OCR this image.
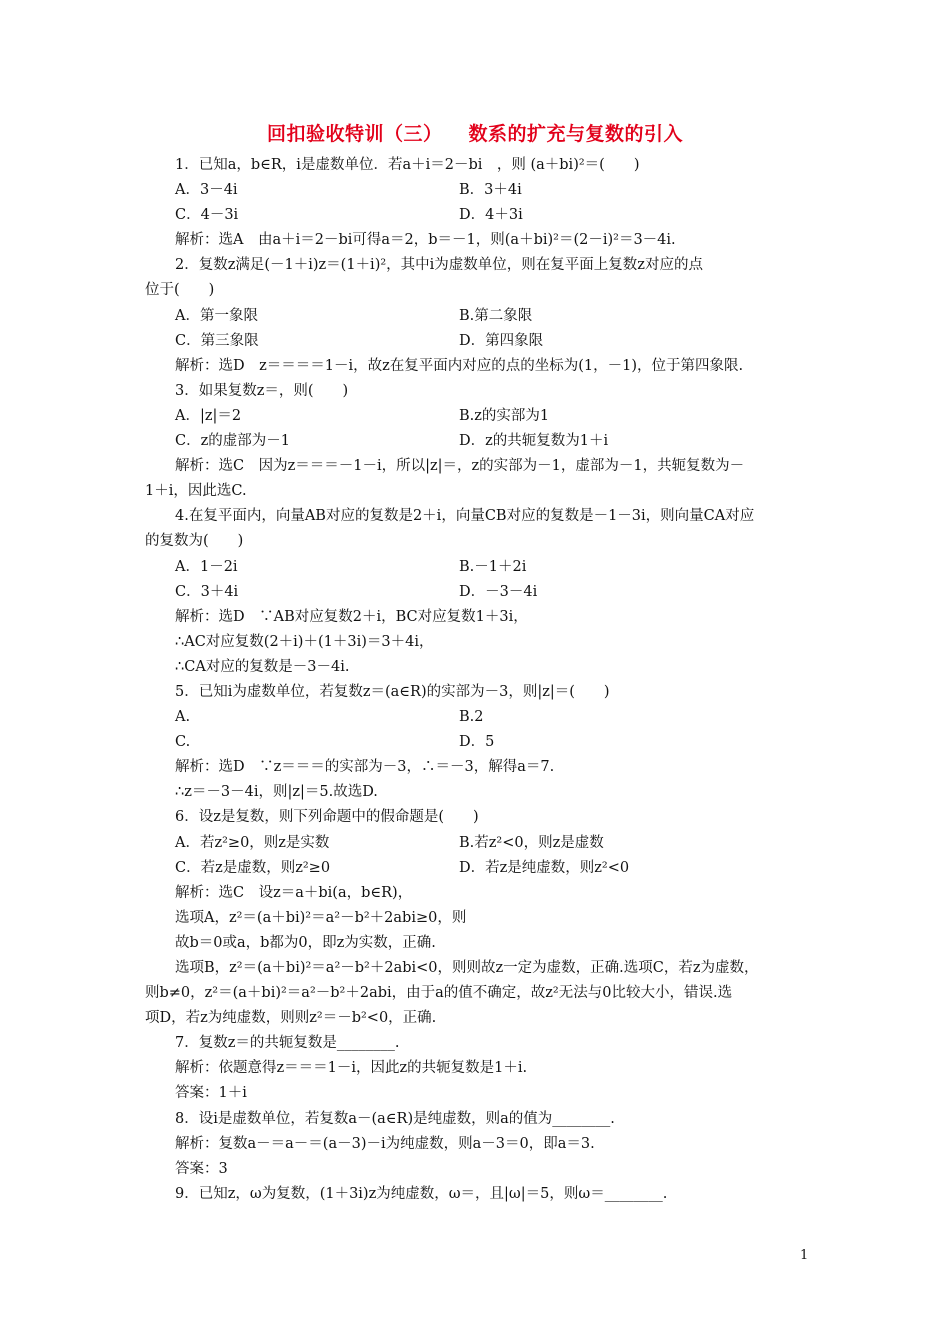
回扣验收特训（三） 数系的扩充与复数的引入
1．已知a，b∈R，i是虚数单位．若a＋i＝2－bi　，则 (a＋bi)²＝(　　)
A．3－4i	B．3＋4i
C．4－3i	D．4＋3i
解析：选A　由a＋i＝2－bi可得a＝2，b＝－1，则(a＋bi)²＝(2－i)²＝3－4i.
2．复数z满足(－1＋i)z＝(1＋i)²，其中i为虚数单位，则在复平面上复数z对应的点
位于(　　)
A．第一象限	B.第二象限
C．第三象限	D．第四象限
解析：选D　z＝＝＝＝1－i，故z在复平面内对应的点的坐标为(1，－1)，位于第四象限.
3．如果复数z＝，则(　　)
A．|z|＝2	B.z的实部为1
C．z的虚部为－1	D．z的共轭复数为1＋i
解析：选C　因为z＝＝＝－1－i，所以|z|＝，z的实部为－1，虚部为－1，共轭复数为－
1＋i，因此选C.
4.在复平面内，向量AB对应的复数是2＋i，向量CB对应的复数是－1－3i，则向量CA对应
的复数为(　　)
A．1－2i	B.－1＋2i
C．3＋4i	D．－3－4i
解析：选D　∵AB对应复数2＋i，BC对应复数1＋3i，
∴AC对应复数(2＋i)＋(1＋3i)＝3＋4i，
∴CA对应的复数是－3－4i.
5．已知i为虚数单位，若复数z＝(a∈R)的实部为－3，则|z|＝(　　)
A.	B.2
C.	D．5
解析：选D　∵z＝＝＝的实部为－3，∴＝－3，解得a＝7.
∴z＝－3－4i，则|z|＝5.故选D.
6．设z是复数，则下列命题中的假命题是(　　)
A．若z²≥0，则z是实数	B.若z²<0，则z是虚数
C．若z是虚数，则z²≥0	D．若z是纯虚数，则z²<0
解析：选C　设z＝a＋bi(a，b∈R)，
选项A，z²＝(a＋bi)²＝a²－b²＋2abi≥0，则
故b＝0或a，b都为0，即z为实数，正确.
选项B，z²＝(a＋bi)²＝a²－b²＋2abi<0，则则故z一定为虚数，正确.选项C，若z为虚数，
则b≠0，z²＝(a＋bi)²＝a²－b²＋2abi，由于a的值不确定，故z²无法与0比较大小，错误.选
项D，若z为纯虚数，则则z²＝－b²<0，正确.
7．复数z＝的共轭复数是________.
解析：依题意得z＝＝＝1－i，因此z的共轭复数是1＋i.
答案：1＋i
8．设i是虚数单位，若复数a－(a∈R)是纯虚数，则a的值为________.
解析：复数a－＝a－＝(a－3)－i为纯虚数，则a－3＝0，即a＝3.
答案：3
9．已知z，ω为复数，(1＋3i)z为纯虚数，ω＝，且|ω|＝5，则ω＝________.
1
